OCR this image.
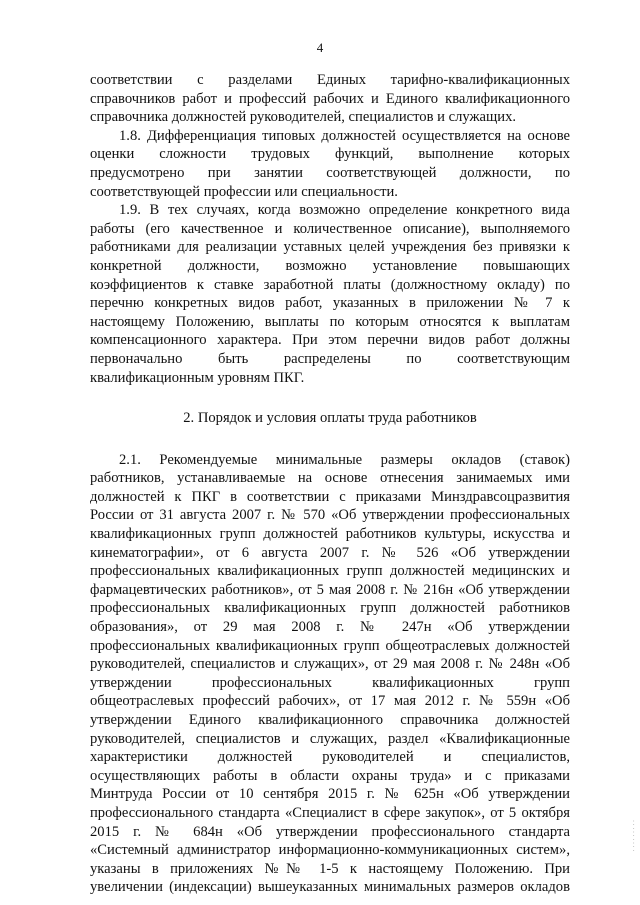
4
соответствии с разделами Единых тарифно-квалификационных
справочников работ и профессий рабочих и Единого квалификационного
справочника должностей руководителей, специалистов и служащих.
1.8. Дифференциация типовых должностей осуществляется на основе
оценки сложности трудовых функций, выполнение которых
предусмотрено при занятии соответствующей должности, по
соответствующей профессии или специальности.
1.9. В тех случаях, когда возможно определение конкретного вида
работы (его качественное и количественное описание), выполняемого
работниками для реализации уставных целей учреждения без привязки к
конкретной должности, возможно установление повышающих
коэффициентов к ставке заработной платы (должностному окладу) по
перечню конкретных видов работ, указанных в приложении № 7 к
настоящему Положению, выплаты по которым относятся к выплатам
компенсационного характера. При этом перечни видов работ должны
первоначально быть распределены по соответствующим
квалификационным уровням ПКГ.
2. Порядок и условия оплаты труда работников
2.1. Рекомендуемые минимальные размеры окладов (ставок)
работников, устанавливаемые на основе отнесения занимаемых ими
должностей к ПКГ в соответствии с приказами Минздравсоцразвития
России от 31 августа 2007 г. № 570 «Об утверждении профессиональных
квалификационных групп должностей работников культуры, искусства и
кинематографии», от 6 августа 2007 г. № 526 «Об утверждении
профессиональных квалификационных групп должностей медицинских и
фармацевтических работников», от 5 мая 2008 г. № 216н «Об утверждении
профессиональных квалификационных групп должностей работников
образования», от 29 мая 2008 г. № 247н «Об утверждении
профессиональных квалификационных групп общеотраслевых должностей
руководителей, специалистов и служащих», от 29 мая 2008 г. № 248н «Об
утверждении профессиональных квалификационных групп
общеотраслевых профессий рабочих», от 17 мая 2012 г. № 559н «Об
утверждении Единого квалификационного справочника должностей
руководителей, специалистов и служащих, раздел «Квалификационные
характеристики должностей руководителей и специалистов,
осуществляющих работы в области охраны труда» и с приказами
Минтруда России от 10 сентября 2015 г. № 625н «Об утверждении
профессионального стандарта «Специалист в сфере закупок», от 5 октября
2015 г. № 684н «Об утверждении профессионального стандарта
«Системный администратор информационно-коммуникационных систем»,
указаны в приложениях №№ 1-5 к настоящему Положению. При
увеличении (индексации) вышеуказанных минимальных размеров окладов
· · · · · · · · ·
